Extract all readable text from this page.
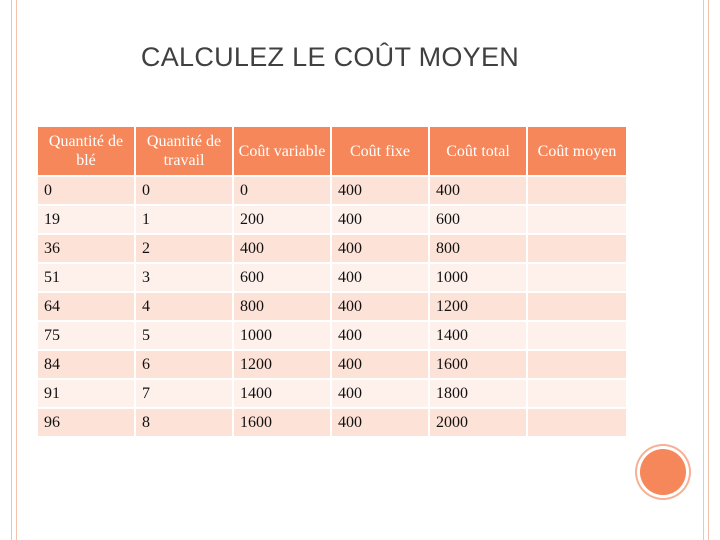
CALCULEZ LE COÛT MOYEN
Quantité de blé	Quantité de travail	Coût variable	Coût fixe	Coût total	Coût moyen
0	0	0	400	400	
19	1	200	400	600	
36	2	400	400	800	
51	3	600	400	1000	
64	4	800	400	1200	
75	5	1000	400	1400	
84	6	1200	400	1600	
91	7	1400	400	1800	
96	8	1600	400	2000	
